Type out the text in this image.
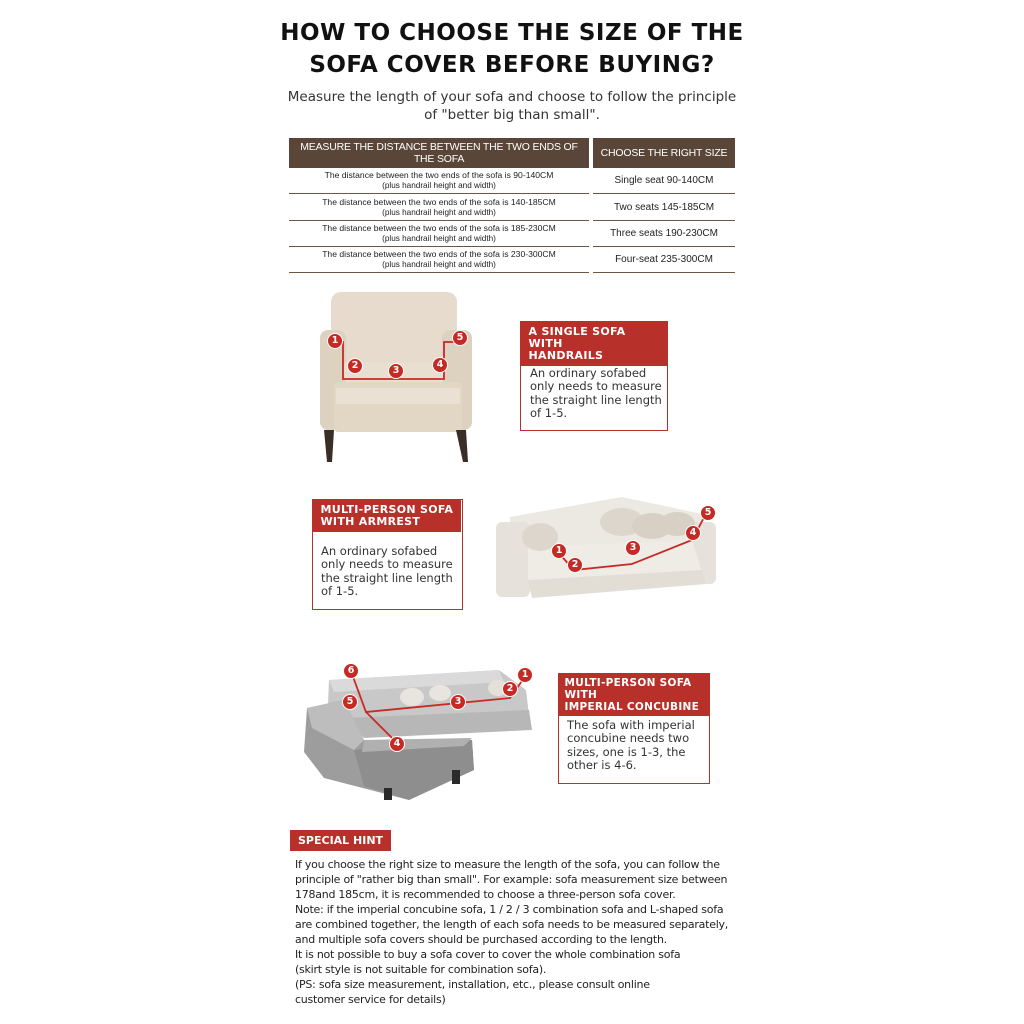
HOW TO CHOOSE THE SIZE OF THE
SOFA COVER BEFORE BUYING?
Measure the length of your sofa and choose to follow the principle
of "better big than small".
MEASURE THE DISTANCE BETWEEN THE TWO ENDS OF THE SOFA	CHOOSE THE RIGHT SIZE
The distance between the two ends of the sofa is 90-140CM
(plus handrail height and width)	Single seat 90-140CM
The distance between the two ends of the sofa is 140-185CM
(plus handrail height and width)	Two seats 145-185CM
The distance between the two ends of the sofa is 185-230CM
(plus handrail height and width)	Three seats 190-230CM
The distance between the two ends of the sofa is 230-300CM
(plus handrail height and width)	Four-seat 235-300CM
1
2	3
4
5	A SINGLE SOFA WITH
HANDRAILS
An ordinary sofabed
only needs to measure
the straight line length
of 1-5.
MULTI-PERSON SOFA
WITH ARMREST
An ordinary sofabed
only needs to measure
the straight line length
of 1-5.
1
2
3
4
5
1
2
3
4
5
6
MULTI-PERSON SOFA WITH
IMPERIAL CONCUBINE
The sofa with imperial
concubine needs two
sizes, one is 1-3, the
other is 4-6.
SPECIAL HINT
If you choose the right size to measure the length of the sofa, you can follow the
principle of "rather big than small". For example: sofa measurement size between
178and 185cm, it is recommended to choose a three-person sofa cover.
Note: if the imperial concubine sofa, 1 / 2 / 3 combination sofa and L-shaped sofa
are combined together, the length of each sofa needs to be measured separately,
and multiple sofa covers should be purchased according to the length.
It is not possible to buy a sofa cover to cover the whole combination sofa
(skirt style is not suitable for combination sofa).
(PS: sofa size measurement, installation, etc., please consult online
customer service for details)
